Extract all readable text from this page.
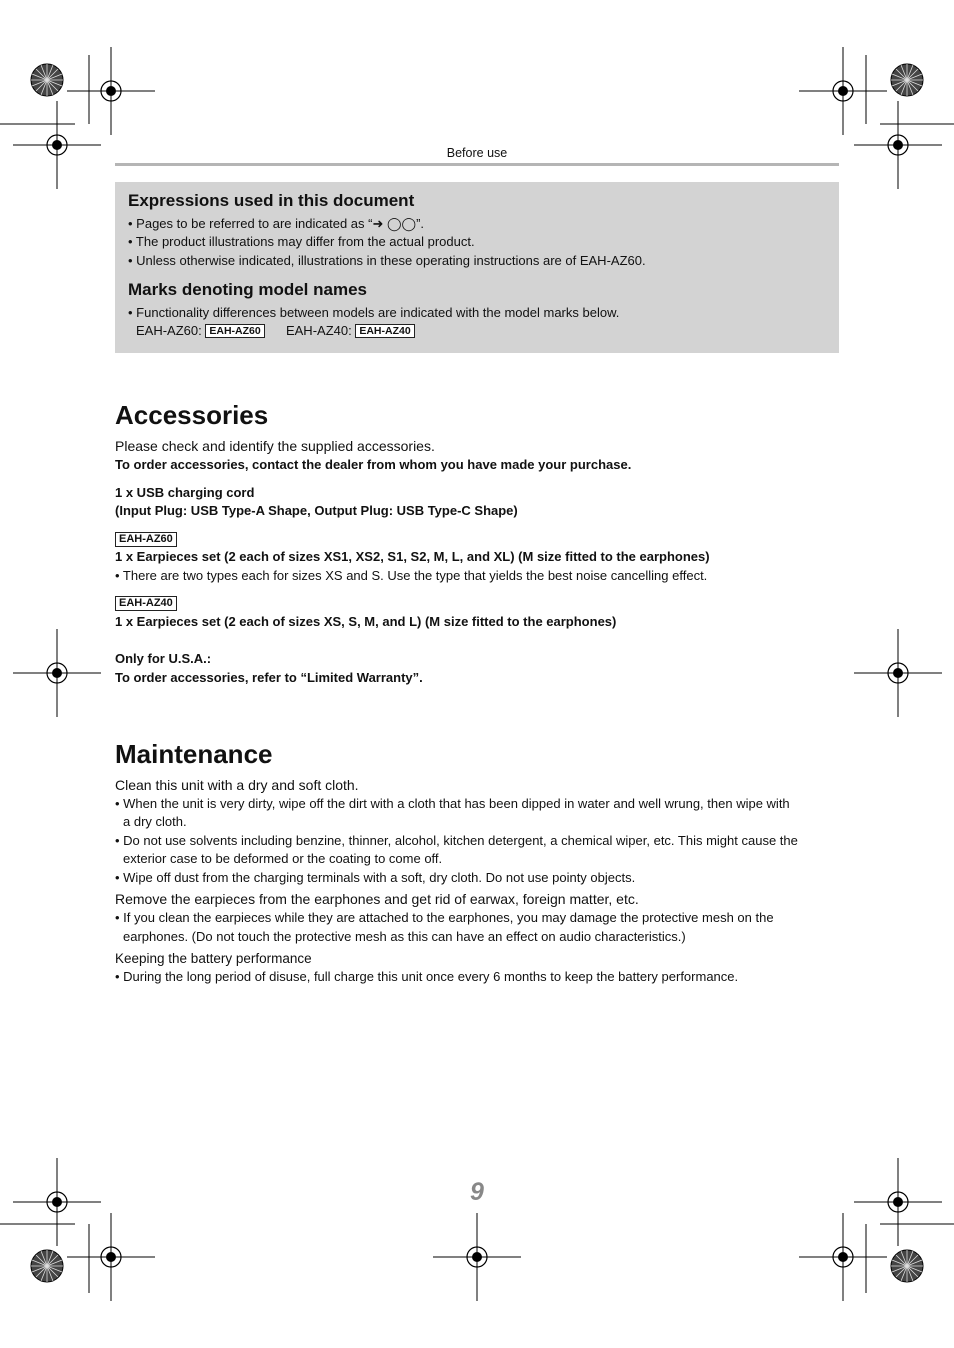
Before use
Expressions used in this document
• Pages to be referred to are indicated as “➜ ◯◯”.
• The product illustrations may differ from the actual product.
• Unless otherwise indicated, illustrations in these operating instructions are of EAH-AZ60.
Marks denoting model names
• Functionality differences between models are indicated with the model marks below.
EAH-AZ60: EAH-AZ60 EAH-AZ40: EAH-AZ40
Accessories
Please check and identify the supplied accessories.
To order accessories, contact the dealer from whom you have made your purchase.
1 x USB charging cord
(Input Plug: USB Type-A Shape, Output Plug: USB Type-C Shape)
EAH-AZ60
1 x Earpieces set (2 each of sizes XS1, XS2, S1, S2, M, L, and XL) (M size fitted to the earphones)
• There are two types each for sizes XS and S. Use the type that yields the best noise cancelling effect.
EAH-AZ40
1 x Earpieces set (2 each of sizes XS, S, M, and L) (M size fitted to the earphones)
Only for U.S.A.:
To order accessories, refer to “Limited Warranty”.
Maintenance
Clean this unit with a dry and soft cloth.
• When the unit is very dirty, wipe off the dirt with a cloth that has been dipped in water and well wrung, then wipe with
a dry cloth.
• Do not use solvents including benzine, thinner, alcohol, kitchen detergent, a chemical wiper, etc. This might cause the
exterior case to be deformed or the coating to come off.
• Wipe off dust from the charging terminals with a soft, dry cloth. Do not use pointy objects.
Remove the earpieces from the earphones and get rid of earwax, foreign matter, etc.
• If you clean the earpieces while they are attached to the earphones, you may damage the protective mesh on the
earphones. (Do not touch the protective mesh as this can have an effect on audio characteristics.)
Keeping the battery performance
• During the long period of disuse, full charge this unit once every 6 months to keep the battery performance.
9
